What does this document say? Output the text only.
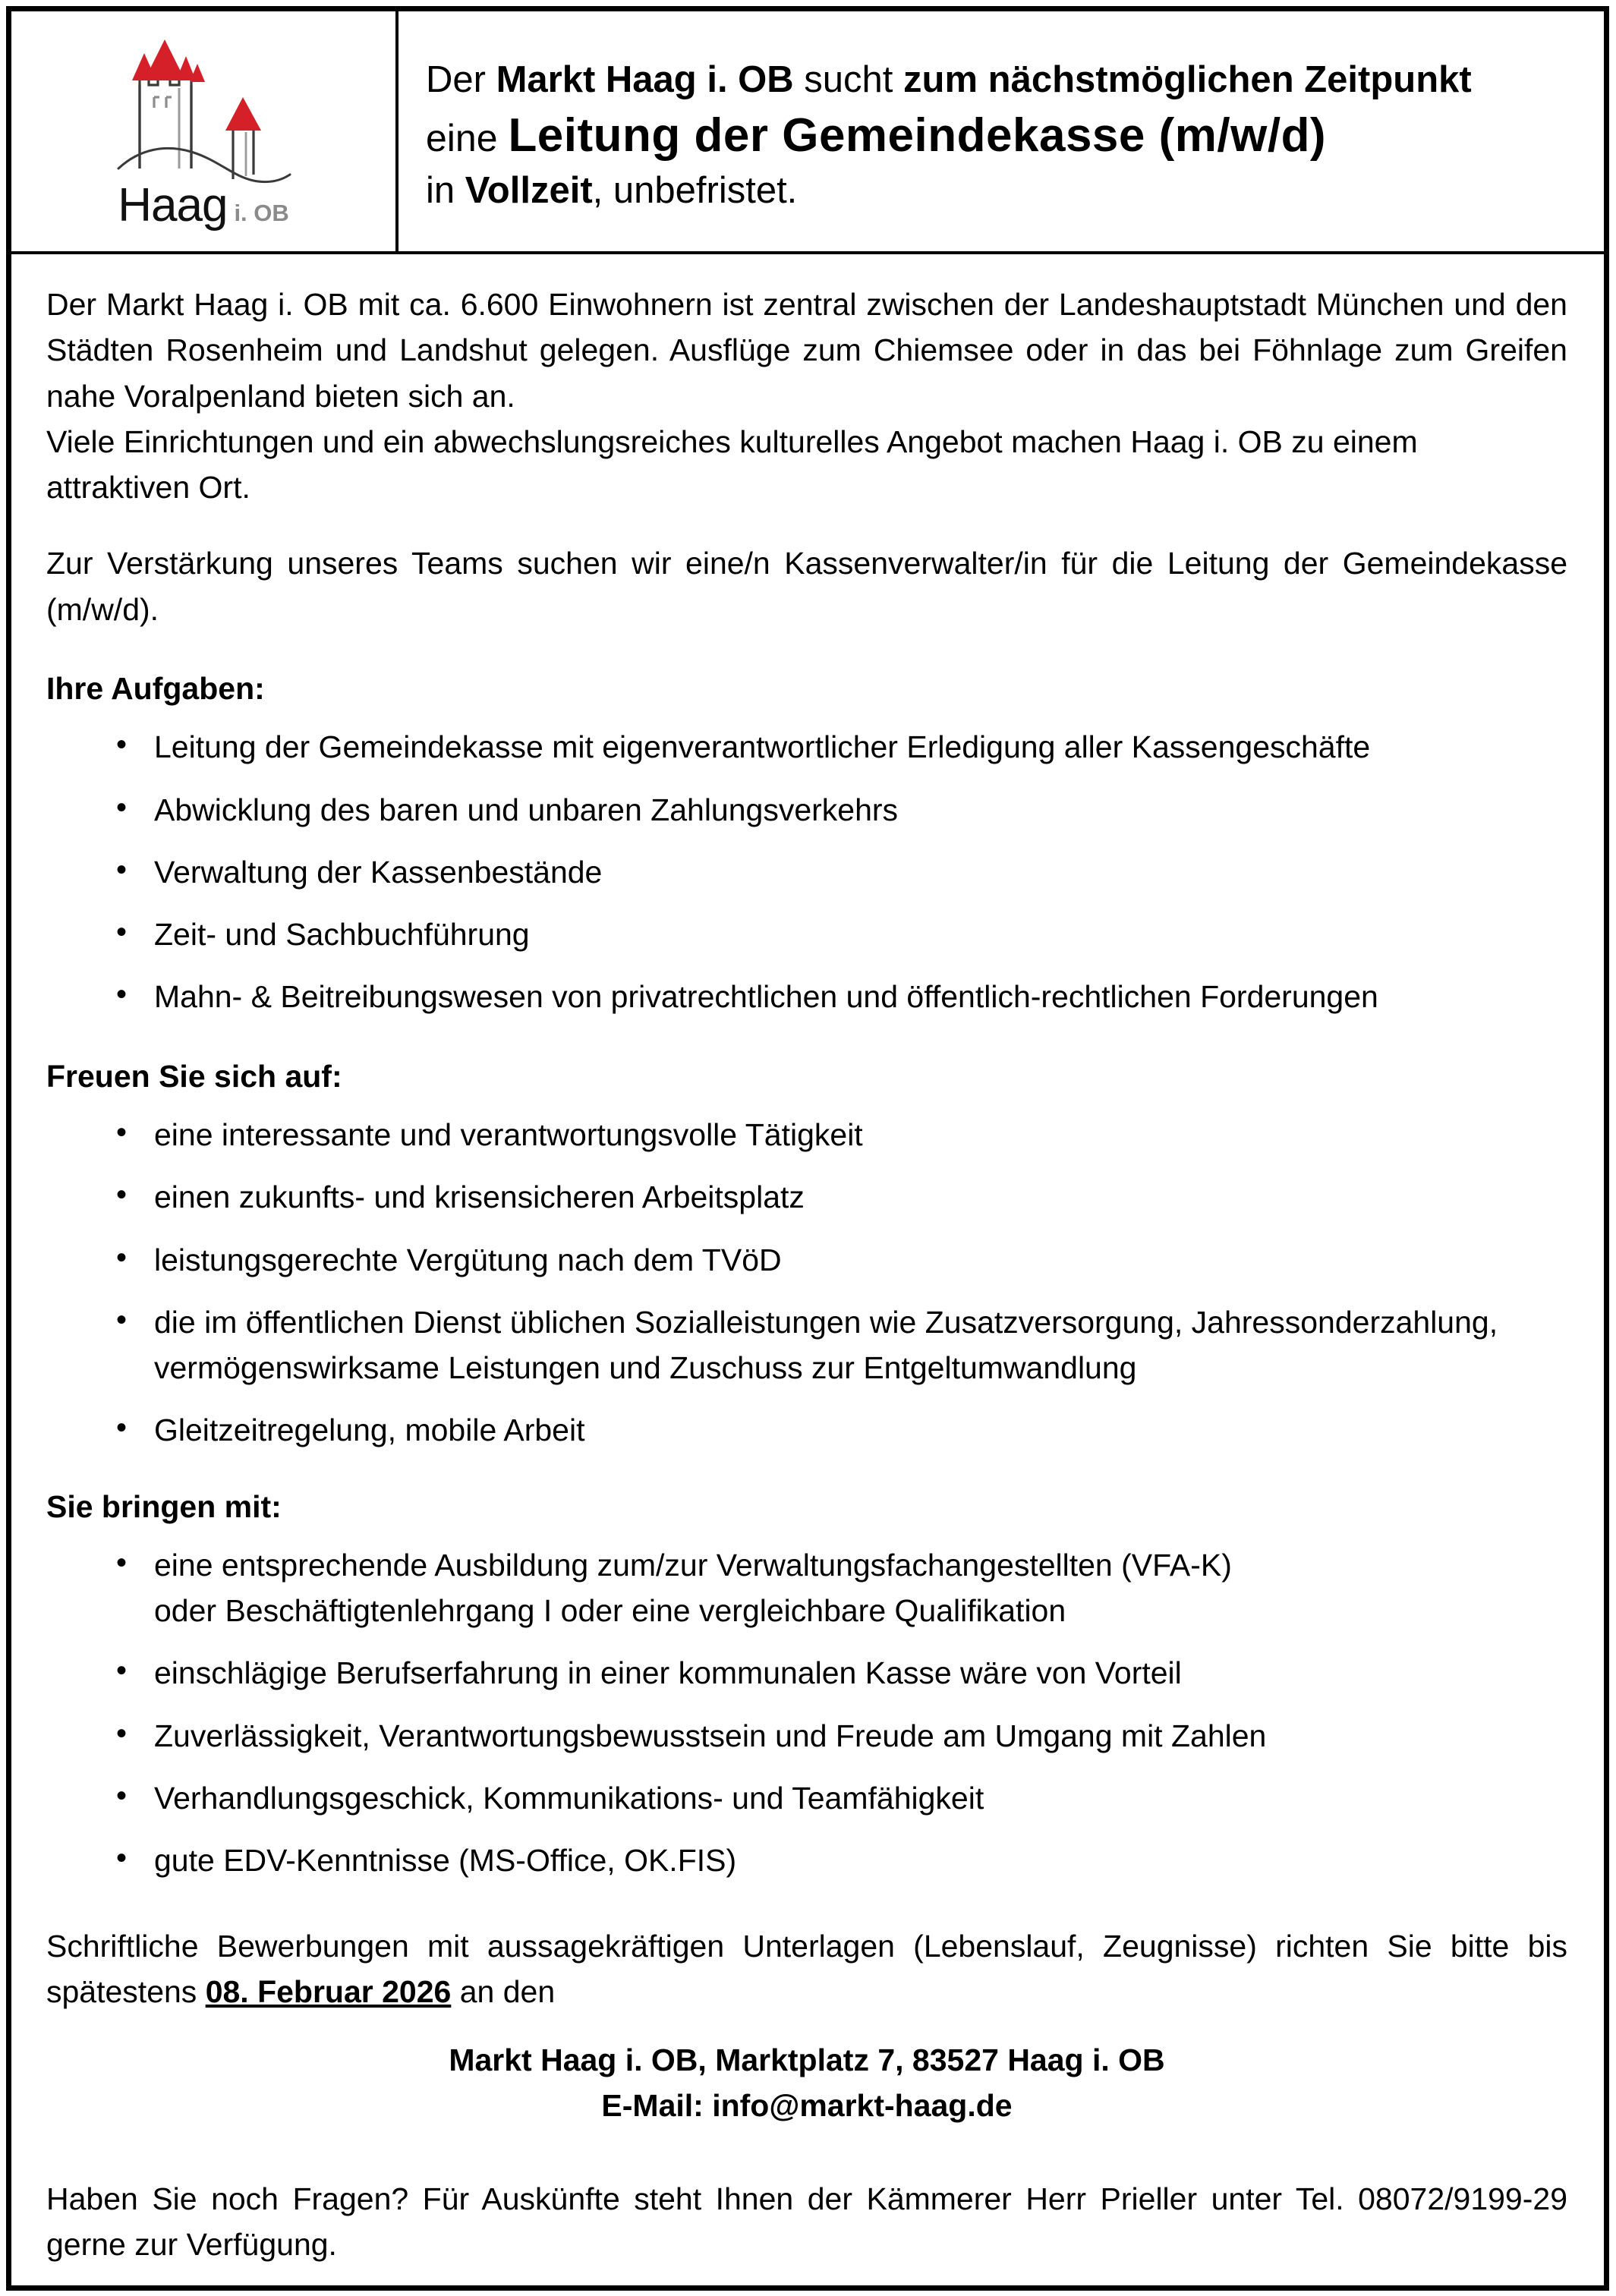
Haag i. OB
Der Markt Haag i. OB sucht zum nächstmöglichen Zeitpunkt
eine Leitung der Gemeindekasse (m/w/d)
in Vollzeit, unbefristet.

Der Markt Haag i. OB mit ca. 6.600 Einwohnern ist zentral zwischen der Landeshauptstadt München und den Städten Rosenheim und Landshut gelegen. Ausflüge zum Chiemsee oder in das bei Föhnlage zum Greifen nahe Voralpenland bieten sich an.

Viele Einrichtungen und ein abwechslungsreiches kulturelles Angebot machen Haag i. OB zu einem attraktiven Ort.

Zur Verstärkung unseres Teams suchen wir eine/n Kassenverwalter/in für die Leitung der Gemeindekasse (m/w/d).

Ihre Aufgaben:
• Leitung der Gemeindekasse mit eigenverantwortlicher Erledigung aller Kassengeschäfte
• Abwicklung des baren und unbaren Zahlungsverkehrs
• Verwaltung der Kassenbestände
• Zeit- und Sachbuchführung
• Mahn- & Beitreibungswesen von privatrechtlichen und öffentlich-rechtlichen Forderungen
Freuen Sie sich auf:
• eine interessante und verantwortungsvolle Tätigkeit
• einen zukunfts- und krisensicheren Arbeitsplatz
• leistungsgerechte Vergütung nach dem TVöD
• die im öffentlichen Dienst üblichen Sozialleistungen wie Zusatzversorgung, Jahressonderzahlung, vermögenswirksame Leistungen und Zuschuss zur Entgeltumwandlung
• Gleitzeitregelung, mobile Arbeit
Sie bringen mit:
• eine entsprechende Ausbildung zum/zur Verwaltungsfachangestellten (VFA-K)
oder Beschäftigtenlehrgang I oder eine vergleichbare Qualifikation
• einschlägige Berufserfahrung in einer kommunalen Kasse wäre von Vorteil
• Zuverlässigkeit, Verantwortungsbewusstsein und Freude am Umgang mit Zahlen
• Verhandlungsgeschick, Kommunikations- und Teamfähigkeit
• gute EDV-Kenntnisse (MS-Office, OK.FIS)
Schriftliche Bewerbungen mit aussagekräftigen Unterlagen (Lebenslauf, Zeugnisse) richten Sie bitte bis spätestens 08. Februar 2026 an den
Markt Haag i. OB, Marktplatz 7, 83527 Haag i. OB
E-Mail: info@markt-haag.de
Haben Sie noch Fragen? Für Auskünfte steht Ihnen der Kämmerer Herr Prieller unter Tel. 08072/9199-29 gerne zur Verfügung.
